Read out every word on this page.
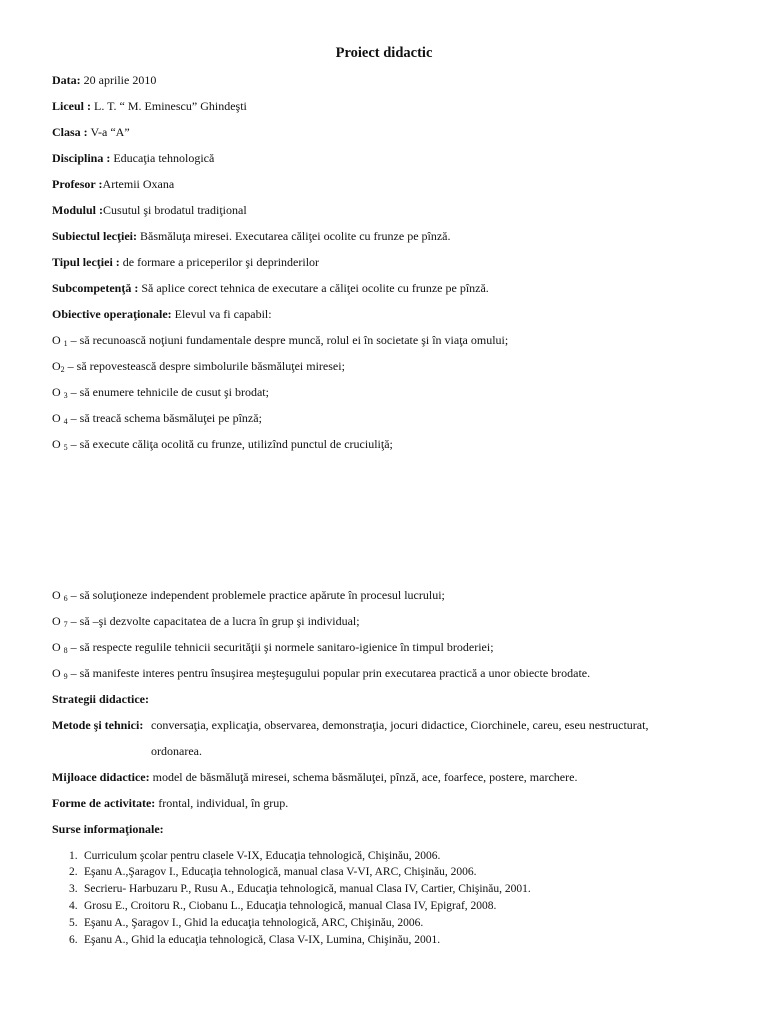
Proiect didactic
Data: 20 aprilie 2010
Liceul : L. T. “ M. Eminescu” Ghindeşti
Clasa : V-a “A”
Disciplina : Educaţia tehnologică
Profesor :Artemii Oxana
Modulul :Cusutul şi brodatul tradiţional
Subiectul lecţiei: Băsmăluţa miresei. Executarea căliţei ocolite cu frunze pe pînză.
Tipul lecţiei : de formare a priceperilor şi deprinderilor
Subcompetenţă : Să aplice corect tehnica de executare a căliţei ocolite cu frunze pe pînză.
Obiective operaţionale: Elevul va fi capabil:
O $_1$ – să recunoască noţiuni fundamentale despre muncă, rolul ei în societate şi în viaţa omului;
$O_2$ – să repovestească despre simbolurile băsmăluţei miresei;
O $_3$ – să enumere tehnicile de cusut şi brodat;
O $_4$ – să treacă schema băsmăluţei pe pînză;
O $_5$ – să execute căliţa ocolită cu frunze, utilizînd punctul de cruciuliţă;
O $_6$ – să soluţioneze independent problemele practice apărute în procesul lucrului;
O $_7$ – să –şi dezvolte capacitatea de a lucra în grup şi individual;
O $_8$ – să respecte regulile tehnicii securităţii şi normele sanitaro-igienice în timpul broderiei;
O $_9$ – să manifeste interes pentru însuşirea meşteşugului popular prin executarea practică a unor obiecte brodate.
Strategii didactice:
Metode şi tehnici: conversaţia, explicaţia, observarea, demonstraţia, jocuri didactice, Ciorchinele, careu, eseu nestructurat,
ordonarea.
Mijloace didactice: model de băsmăluţă miresei, schema băsmăluţei, pînză, ace, foarfece, postere, marchere.
Forme de activitate: frontal, individual, în grup.
Surse informaţionale:
1. Curriculum şcolar pentru clasele V-IX, Educaţia tehnologică, Chişinău, 2006.
2. Eşanu A.,Şaragov I., Educaţia tehnologică, manual clasa V-VI, ARC, Chişinău, 2006.
3. Secrieru- Harbuzaru P., Rusu A., Educaţia tehnologică, manual Clasa IV, Cartier, Chişinău, 2001.
4. Grosu E., Croitoru R., Ciobanu L., Educaţia tehnologică, manual Clasa IV, Epigraf, 2008.
5. Eşanu A., Şaragov I., Ghid la educaţia tehnologică, ARC, Chişinău, 2006.
6. Eşanu A., Ghid la educaţia tehnologică, Clasa V-IX, Lumina, Chişinău, 2001.
